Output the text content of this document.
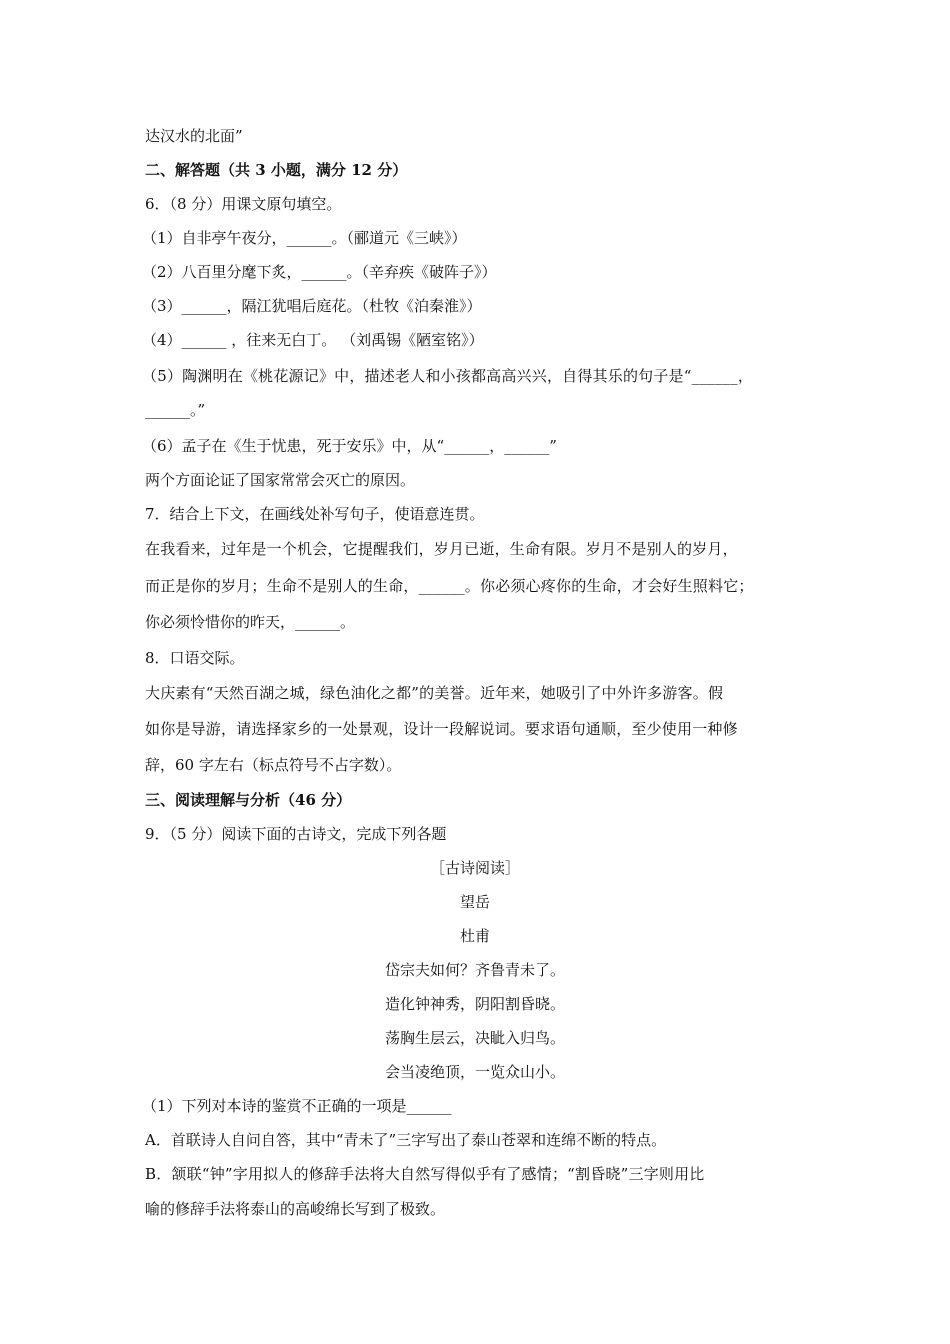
达汉水的北面”
二、解答题（共 3 小题，满分 12 分）
6．（8 分）用课文原句填空。
（1）自非亭午夜分，______。（郦道元《三峡》）
（2）八百里分麾下炙，______。（辛弃疾《破阵子》）
（3）______，隔江犹唱后庭花。（杜牧《泊秦淮》）
（4）______ ，往来无白丁。 （刘禹锡《陋室铭》）
（5）陶渊明在《桃花源记》中，描述老人和小孩都高高兴兴，自得其乐的句子是“______，
______。”
（6）孟子在《生于忧患，死于安乐》中，从“______，______”
两个方面论证了国家常常会灭亡的原因。
7．结合上下文，在画线处补写句子，使语意连贯。
在我看来，过年是一个机会，它提醒我们，岁月已逝，生命有限。岁月不是别人的岁月，
而正是你的岁月；生命不是别人的生命，______。你必须心疼你的生命，才会好生照料它；
你必须怜惜你的昨天，______。
8．口语交际。
大庆素有“天然百湖之城，绿色油化之都”的美誉。近年来，她吸引了中外许多游客。假
如你是导游，请选择家乡的一处景观，设计一段解说词。要求语句通顺，至少使用一种修
辞，60 字左右（标点符号不占字数）。
三、阅读理解与分析（46 分）
9．（5 分）阅读下面的古诗文，完成下列各题
［古诗阅读］
望岳
杜甫
岱宗夫如何？齐鲁青未了。
造化钟神秀，阴阳割昏晓。
荡胸生层云，决眦入归鸟。
会当凌绝顶，一览众山小。
（1）下列对本诗的鉴赏不正确的一项是______
A．首联诗人自问自答，其中“青未了”三字写出了泰山苍翠和连绵不断的特点。
B．颔联“钟”字用拟人的修辞手法将大自然写得似乎有了感情；“割昏晓”三字则用比
喻的修辞手法将泰山的高峻绵长写到了极致。
